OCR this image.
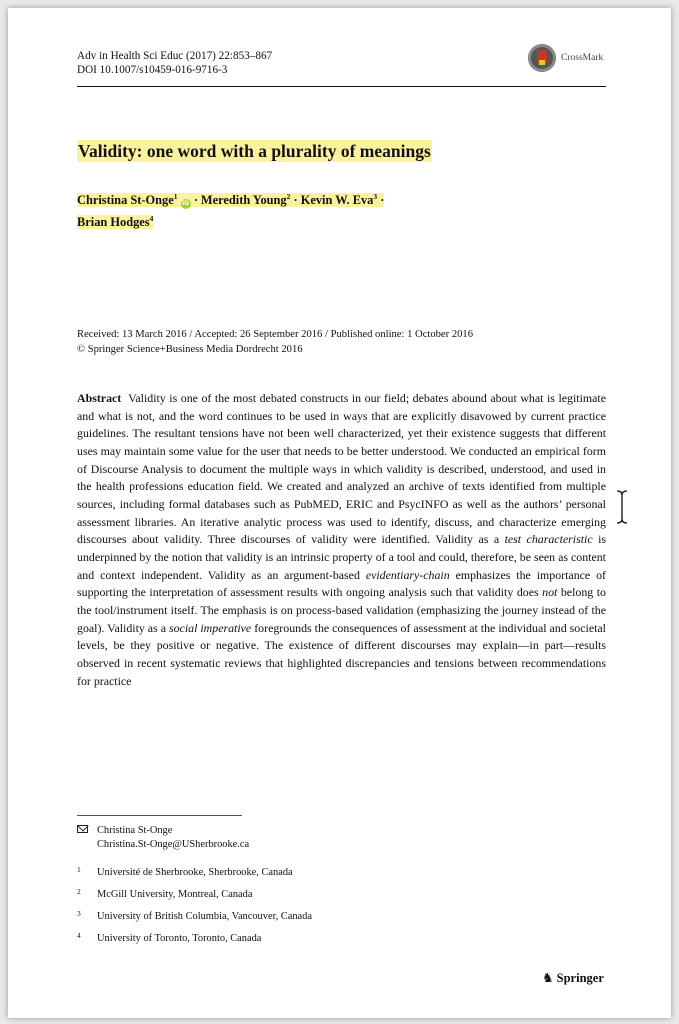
Adv in Health Sci Educ (2017) 22:853–867
DOI 10.1007/s10459-016-9716-3
CrossMark
Validity: one word with a plurality of meanings
Christina St-Onge$^1$ iD · Meredith Young$^2$ · Kevin W. Eva$^3$ ·
Brian Hodges$^4$
Received: 13 March 2016 / Accepted: 26 September 2016 / Published online: 1 October 2016
© Springer Science+Business Media Dordrecht 2016
Abstract Validity is one of the most debated constructs in our field; debates abound about what is legitimate and what is not, and the word continues to be used in ways that are explicitly disavowed by current practice guidelines. The resultant tensions have not been well characterized, yet their existence suggests that different uses may maintain some value for the user that needs to be better understood. We conducted an empirical form of Discourse Analysis to document the multiple ways in which validity is described, understood, and used in the health professions education field. We created and analyzed an archive of texts identified from multiple sources, including formal databases such as PubMED, ERIC and PsycINFO as well as the authors’ personal assessment libraries. An iterative analytic process was used to identify, discuss, and characterize emerging discourses about validity. Three discourses of validity were identified. Validity as a test characteristic is underpinned by the notion that validity is an intrinsic property of a tool and could, therefore, be seen as content and context independent. Validity as an argument-based evidentiary-chain emphasizes the importance of supporting the interpretation of assessment results with ongoing analysis such that validity does not belong to the tool/instrument itself. The emphasis is on process-based validation (emphasizing the journey instead of the goal). Validity as a social imperative foregrounds the consequences of assessment at the individual and societal levels, be they positive or negative. The existence of different discourses may explain—in part—results observed in recent systematic reviews that highlighted discrepancies and tensions between recommendations for practice
Christina St-Onge
Christina.St-Onge@USherbrooke.ca
1 Université de Sherbrooke, Sherbrooke, Canada
2 McGill University, Montreal, Canada
3 University of British Columbia, Vancouver, Canada
4 University of Toronto, Toronto, Canada
♞ Springer
